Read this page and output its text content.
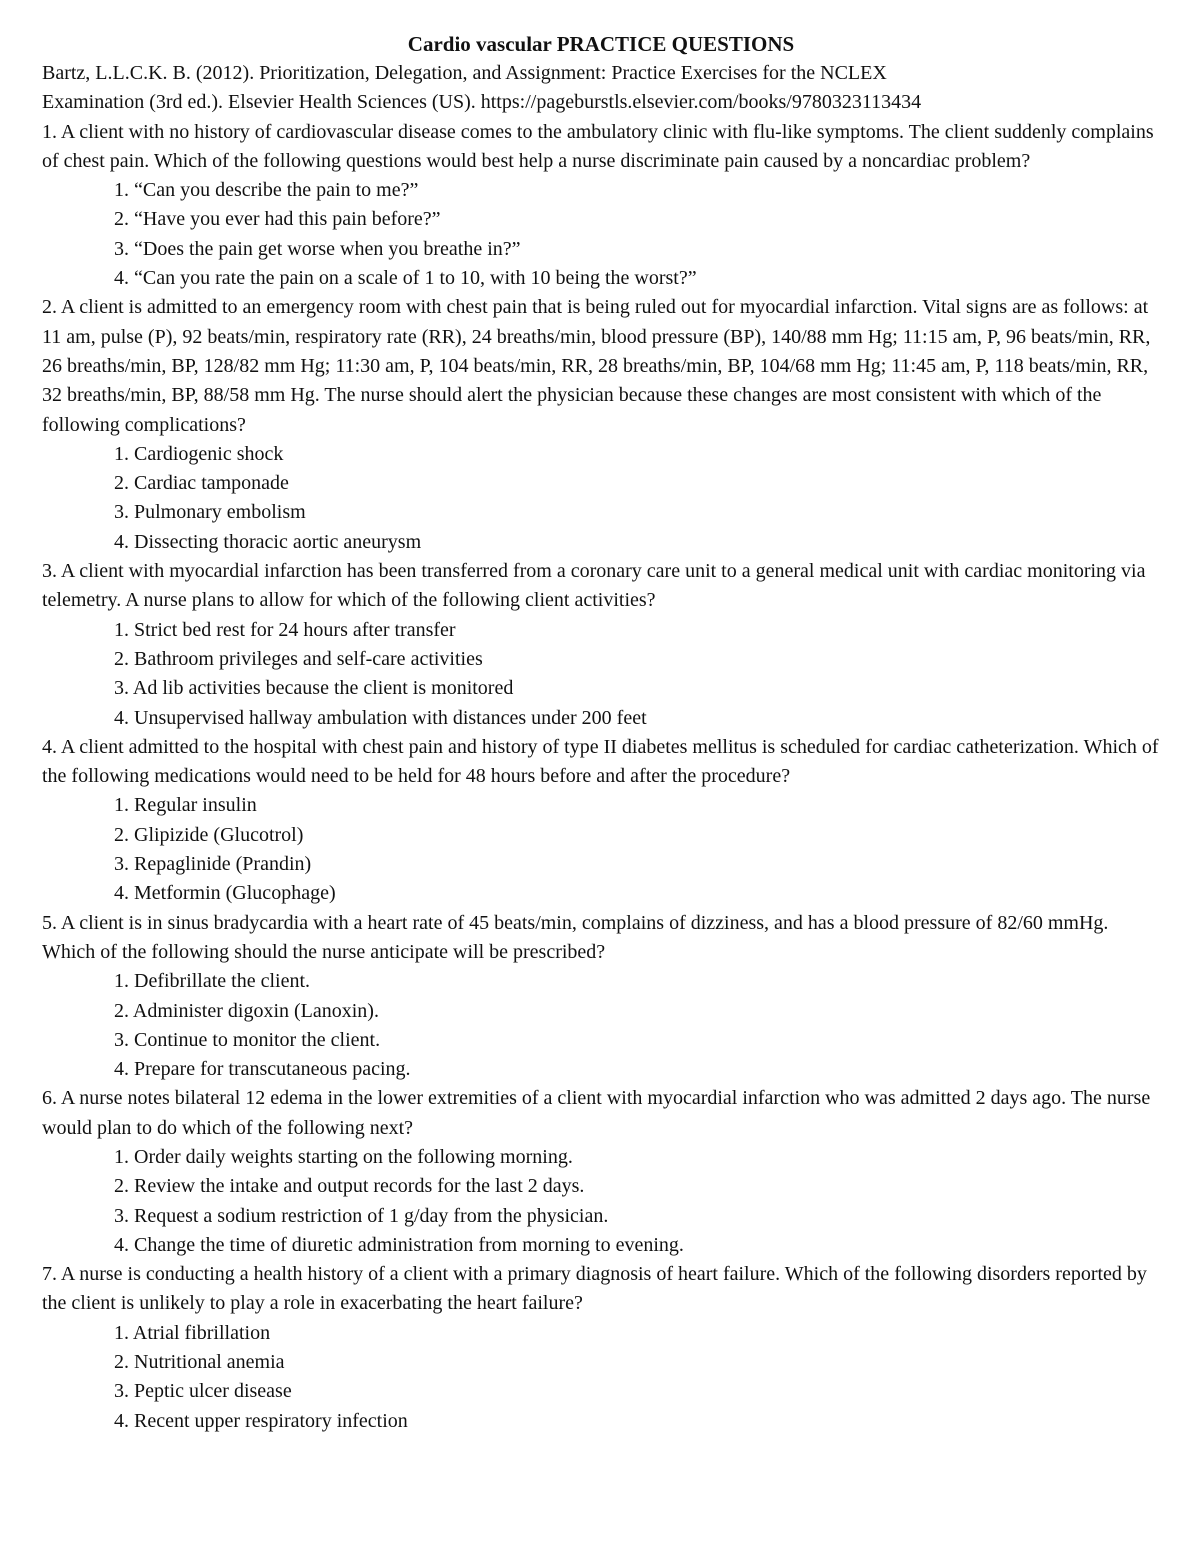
Cardio vascular PRACTICE QUESTIONS

Bartz, L.L.C.K. B. (2012). Prioritization, Delegation, and Assignment: Practice Exercises for the NCLEX

Examination (3rd ed.). Elsevier Health Sciences (US). https://pageburstls.elsevier.com/books/9780323113434

1. A client with no history of cardiovascular disease comes to the ambulatory clinic with flu-like symptoms. The client suddenly complains of chest pain. Which of the following questions would best help a nurse discriminate pain caused by a noncardiac problem?

1. “Can you describe the pain to me?”
2. “Have you ever had this pain before?”
3. “Does the pain get worse when you breathe in?”
4. “Can you rate the pain on a scale of 1 to 10, with 10 being the worst?”

2. A client is admitted to an emergency room with chest pain that is being ruled out for myocardial infarction. Vital signs are as follows: at 11 am, pulse (P), 92 beats/min, respiratory rate (RR), 24 breaths/min, blood pressure (BP), 140/88 mm Hg; 11:15 am, P, 96 beats/min, RR, 26 breaths/min, BP, 128/82 mm Hg; 11:30 am, P, 104 beats/min, RR, 28 breaths/min, BP, 104/68 mm Hg; 11:45 am, P, 118 beats/min, RR, 32 breaths/min, BP, 88/58 mm Hg. The nurse should alert the physician because these changes are most consistent with which of the following complications?

1. Cardiogenic shock
2. Cardiac tamponade
3. Pulmonary embolism
4. Dissecting thoracic aortic aneurysm

3. A client with myocardial infarction has been transferred from a coronary care unit to a general medical unit with cardiac monitoring via telemetry. A nurse plans to allow for which of the following client activities?

1. Strict bed rest for 24 hours after transfer
2. Bathroom privileges and self-care activities
3. Ad lib activities because the client is monitored
4. Unsupervised hallway ambulation with distances under 200 feet

4. A client admitted to the hospital with chest pain and history of type II diabetes mellitus is scheduled for cardiac catheterization. Which of the following medications would need to be held for 48 hours before and after the procedure?

1. Regular insulin
2. Glipizide (Glucotrol)
3. Repaglinide (Prandin)
4. Metformin (Glucophage)

5. A client is in sinus bradycardia with a heart rate of 45 beats/min, complains of dizziness, and has a blood pressure of 82/60 mmHg. Which of the following should the nurse anticipate will be prescribed?

1. Defibrillate the client.
2. Administer digoxin (Lanoxin).
3. Continue to monitor the client.
4. Prepare for transcutaneous pacing.

6. A nurse notes bilateral 12 edema in the lower extremities of a client with myocardial infarction who was admitted 2 days ago. The nurse would plan to do which of the following next?

1. Order daily weights starting on the following morning.
2. Review the intake and output records for the last 2 days.
3. Request a sodium restriction of 1 g/day from the physician.
4. Change the time of diuretic administration from morning to evening.

7. A nurse is conducting a health history of a client with a primary diagnosis of heart failure. Which of the following disorders reported by the client is unlikely to play a role in exacerbating the heart failure?

1. Atrial fibrillation
2. Nutritional anemia
3. Peptic ulcer disease
4. Recent upper respiratory infection
